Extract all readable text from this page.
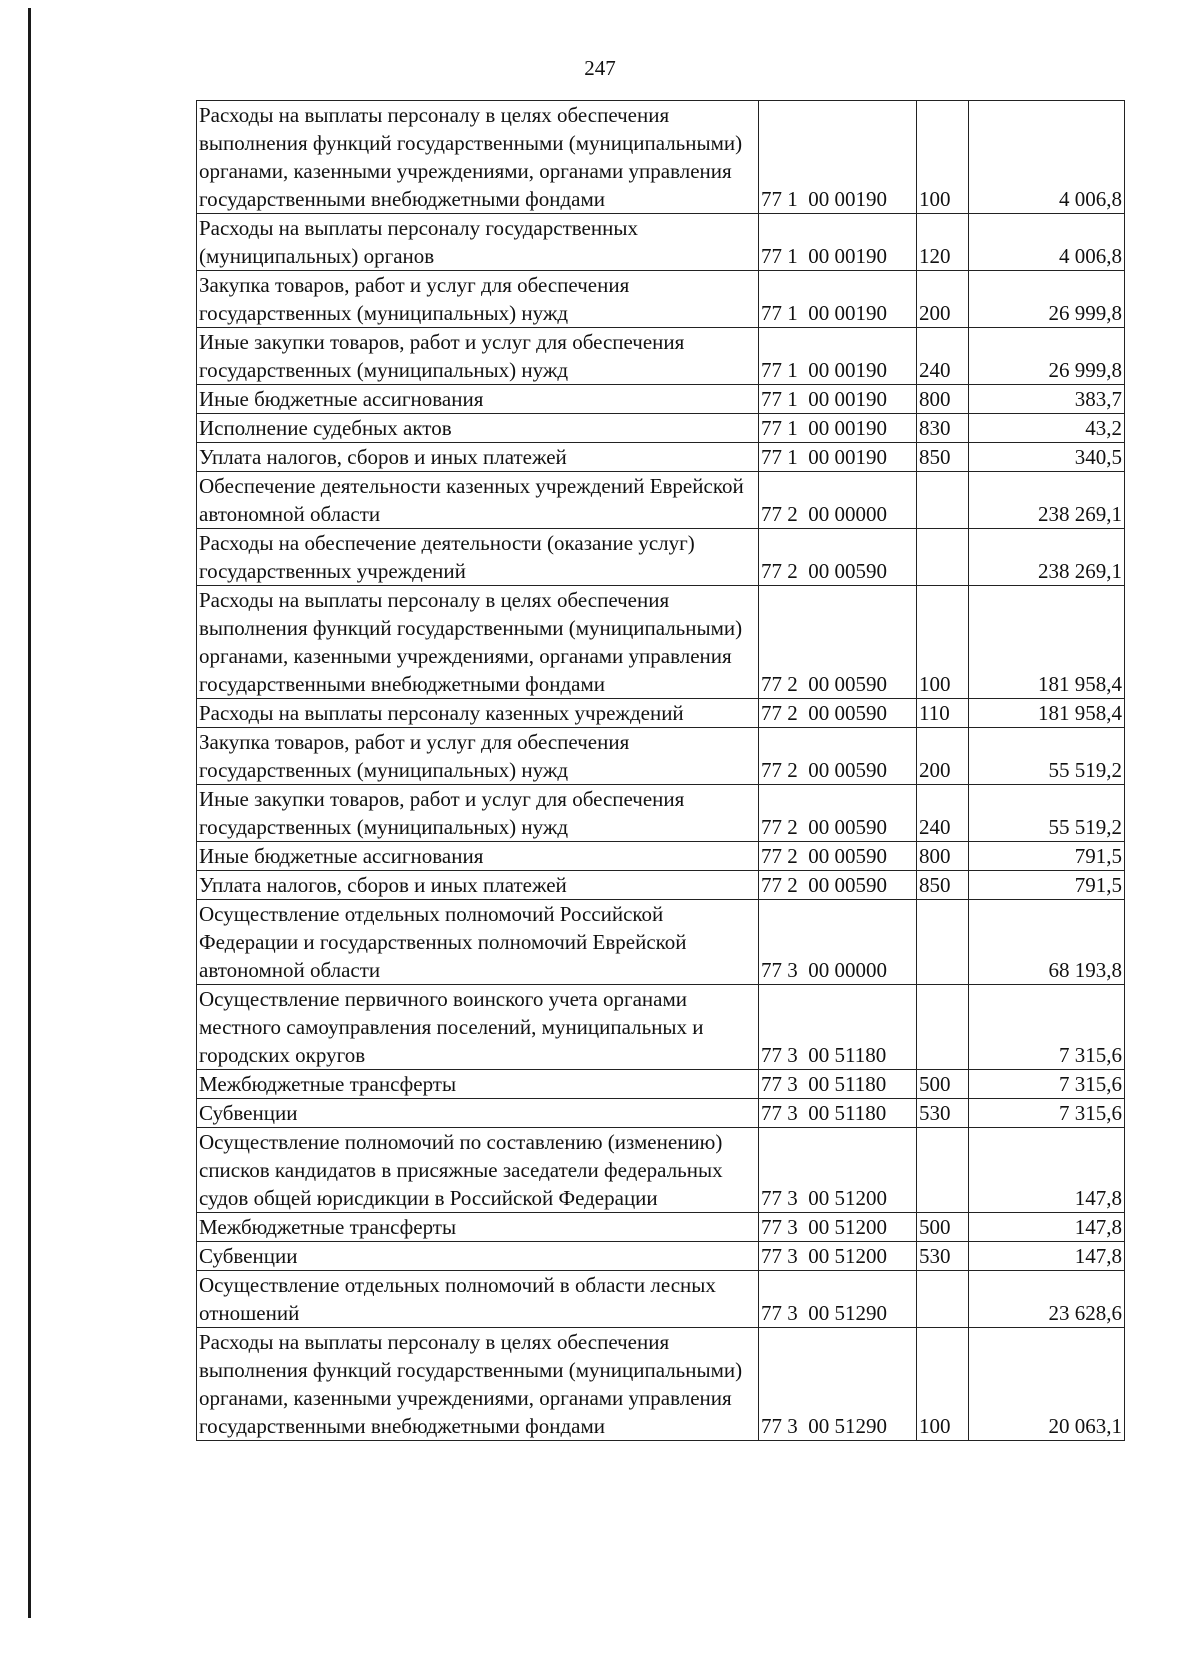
247
Расходы на выплаты персоналу в целях обеспечения выполнения функций государственными (муниципальными) органами, казенными учреждениями, органами управления государственными внебюджетными фондами	77 1  00 00190	100	4 006,8
Расходы на выплаты персоналу государственных (муниципальных) органов	77 1  00 00190	120	4 006,8
Закупка товаров, работ и услуг для обеспечения государственных (муниципальных) нужд	77 1  00 00190	200	26 999,8
Иные закупки товаров, работ и услуг для обеспечения государственных (муниципальных) нужд	77 1  00 00190	240	26 999,8
Иные бюджетные ассигнования	77 1  00 00190	800	383,7
Исполнение судебных актов	77 1  00 00190	830	43,2
Уплата налогов, сборов и иных платежей	77 1  00 00190	850	340,5
Обеспечение деятельности казенных учреждений Еврейской автономной области	77 2  00 00000		238 269,1
Расходы на обеспечение деятельности (оказание услуг) государственных учреждений	77 2  00 00590		238 269,1
Расходы на выплаты персоналу в целях обеспечения выполнения функций государственными (муниципальными) органами, казенными учреждениями, органами управления государственными внебюджетными фондами	77 2  00 00590	100	181 958,4
Расходы на выплаты персоналу казенных учреждений	77 2  00 00590	110	181 958,4
Закупка товаров, работ и услуг для обеспечения государственных (муниципальных) нужд	77 2  00 00590	200	55 519,2
Иные закупки товаров, работ и услуг для обеспечения государственных (муниципальных) нужд	77 2  00 00590	240	55 519,2
Иные бюджетные ассигнования	77 2  00 00590	800	791,5
Уплата налогов, сборов и иных платежей	77 2  00 00590	850	791,5
Осуществление отдельных полномочий Российской Федерации и государственных полномочий Еврейской автономной области	77 3  00 00000		68 193,8
Осуществление первичного воинского учета органами местного самоуправления поселений, муниципальных и городских округов	77 3  00 51180		7 315,6
Межбюджетные трансферты	77 3  00 51180	500	7 315,6
Субвенции	77 3  00 51180	530	7 315,6
Осуществление полномочий по составлению (изменению) списков кандидатов в присяжные заседатели федеральных судов общей юрисдикции в Российской Федерации	77 3  00 51200		147,8
Межбюджетные трансферты	77 3  00 51200	500	147,8
Субвенции	77 3  00 51200	530	147,8
Осуществление отдельных полномочий в области лесных отношений	77 3  00 51290		23 628,6
Расходы на выплаты персоналу в целях обеспечения выполнения функций государственными (муниципальными) органами, казенными учреждениями, органами управления государственными внебюджетными фондами	77 3  00 51290	100	20 063,1
